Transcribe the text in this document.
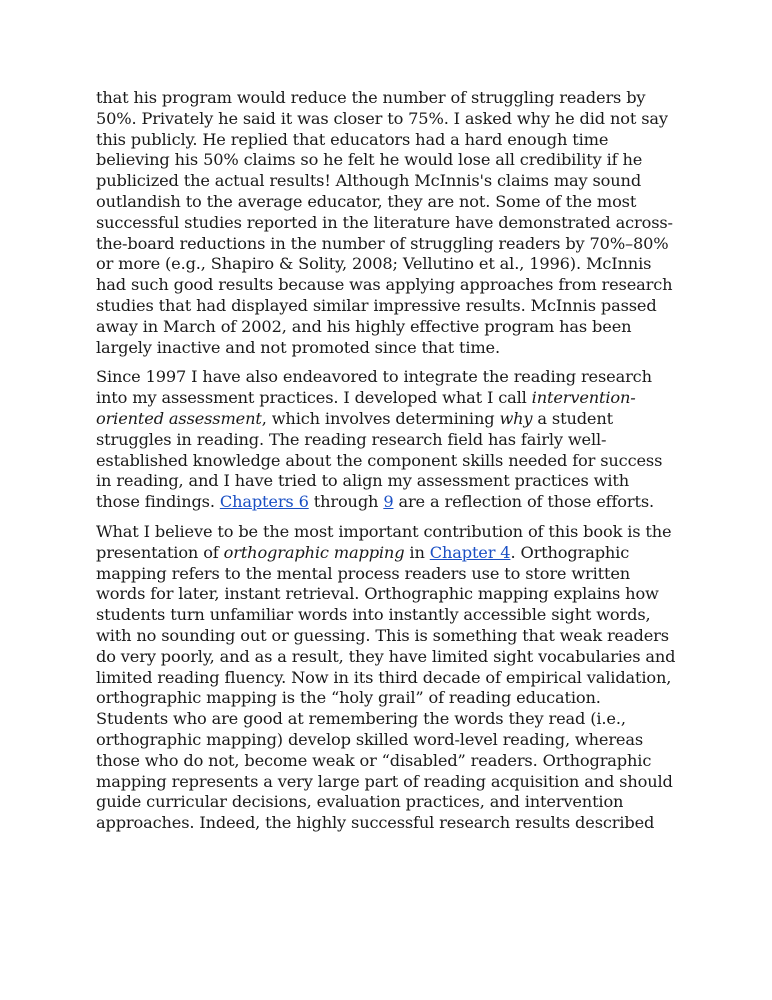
that his program would reduce the number of struggling readers by 50%. Privately he said it was closer to 75%. I asked why he did not say this publicly. He replied that educators had a hard enough time believing his 50% claims so he felt he would lose all credibility if he publicized the actual results! Although McInnis's claims may sound outlandish to the average educator, they are not. Some of the most successful studies reported in the literature have demonstrated across-the-board reductions in the number of struggling readers by 70%–80% or more (e.g., Shapiro & Solity, 2008; Vellutino et al., 1996). McInnis had such good results because was applying approaches from research studies that had displayed similar impressive results. McInnis passed away in March of 2002, and his highly effective program has been largely inactive and not promoted since that time.

Since 1997 I have also endeavored to integrate the reading research into my assessment practices. I developed what I call intervention-oriented assessment, which involves determining why a student struggles in reading. The reading research field has fairly well-established knowledge about the component skills needed for success in reading, and I have tried to align my assessment practices with those findings. Chapters 6 through 9 are a reflection of those efforts.

What I believe to be the most important contribution of this book is the presentation of orthographic mapping in Chapter 4. Orthographic mapping refers to the mental process readers use to store written words for later, instant retrieval. Orthographic mapping explains how students turn unfamiliar words into instantly accessible sight words, with no sounding out or guessing. This is something that weak readers do very poorly, and as a result, they have limited sight vocabularies and limited reading fluency. Now in its third decade of empirical validation, orthographic mapping is the “holy grail” of reading education. Students who are good at remembering the words they read (i.e., orthographic mapping) develop skilled word-level reading, whereas those who do not, become weak or “disabled” readers. Orthographic mapping represents a very large part of reading acquisition and should guide curricular decisions, evaluation practices, and intervention approaches. Indeed, the highly successful research results described
